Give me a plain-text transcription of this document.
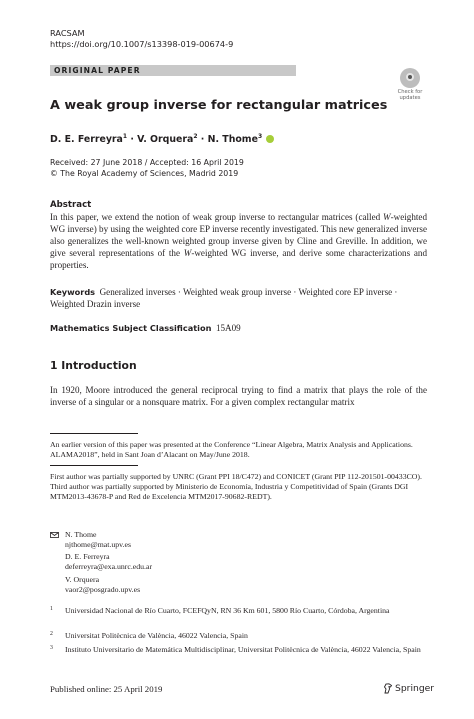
RACSAM
https://doi.org/10.1007/s13398-019-00674-9
ORIGINAL PAPER
Check for
updates
A weak group inverse for rectangular matrices
D. E. Ferreyra$^1$ · V. Orquera$^2$ · N. Thome$^3$
Received: 27 June 2018 / Accepted: 16 April 2019
© The Royal Academy of Sciences, Madrid 2019
Abstract
In this paper, we extend the notion of weak group inverse to rectangular matrices (called W-weighted WG inverse) by using the weighted core EP inverse recently investigated. This new generalized inverse also generalizes the well-known weighted group inverse given by Cline and Greville. In addition, we give several representations of the W-weighted WG inverse, and derive some characterizations and properties.
Keywords Generalized inverses · Weighted weak group inverse · Weighted core EP inverse · Weighted Drazin inverse
Mathematics Subject Classification 15A09
1 Introduction
In 1920, Moore introduced the general reciprocal trying to find a matrix that plays the role of the inverse of a singular or a nonsquare matrix. For a given complex rectangular matrix
An earlier version of this paper was presented at the Conference “Linear Algebra, Matrix Analysis and Applications. ALAMA2018”, held in Sant Joan d’Alacant on May/June 2018.
First author was partially supported by UNRC (Grant PPI 18/C472) and CONICET (Grant PIP 112-201501-00433CO). Third author was partially supported by Ministerio de Economía, Industria y Competitividad of Spain (Grants DGI MTM2013-43678-P and Red de Excelencia MTM2017-90682-REDT).
N. Thome
njthome@mat.upv.es
D. E. Ferreyra
deferreyra@exa.unrc.edu.ar
V. Orquera
vaor2@posgrado.upv.es
1 Universidad Nacional de Río Cuarto, FCEFQyN, RN 36 Km 601, 5800 Río Cuarto, Córdoba, Argentina
2 Universitat Politècnica de València, 46022 Valencia, Spain
3 Instituto Universitario de Matemática Multidisciplinar, Universitat Politècnica de València, 46022 Valencia, Spain
Published online: 25 April 2019	Springer
